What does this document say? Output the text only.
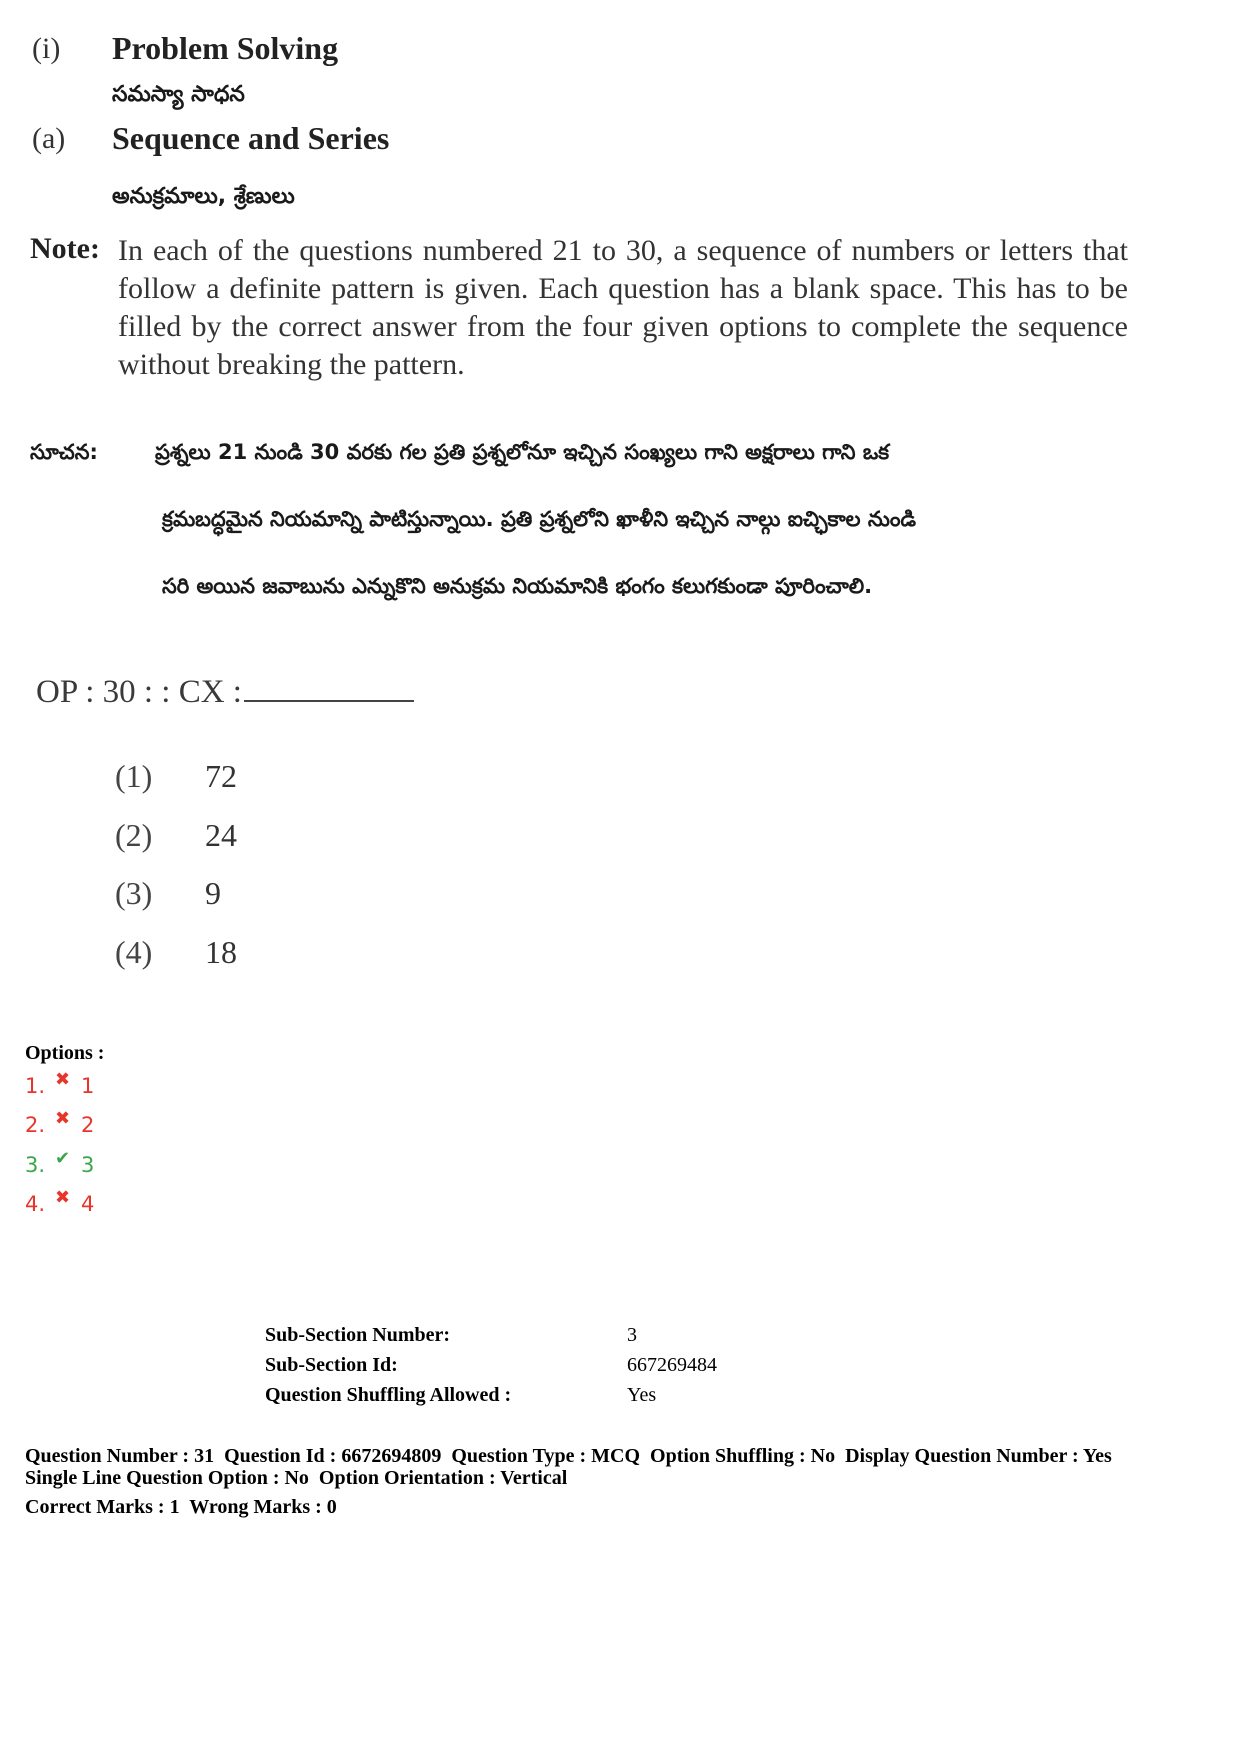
(i) Problem Solving
సమస్యా సాధన
(a) Sequence and Series
అనుక్రమాలు, శ్రేణులు
Note: In each of the questions numbered 21 to 30, a sequence of numbers or letters that follow a definite pattern is given. Each question has a blank space. This has to be filled by the correct answer from the four given options to complete the sequence without breaking the pattern.
సూచన:	ప్రశ్నలు 21 నుండి 30 వరకు గల ప్రతి ప్రశ్నలోనూ ఇచ్చిన సంఖ్యలు గాని అక్షరాలు గాని ఒక
క్రమబద్ధమైన నియమాన్ని పాటిస్తున్నాయి. ప్రతి ప్రశ్నలోని ఖాళీని ఇచ్చిన నాల్గు ఐచ్ఛికాల నుండి
సరి అయిన జవాబును ఎన్నుకొని అనుక్రమ నియమానికి భంగం కలుగకుండా పూరించాలి.
OP : 30 : : CX :
(1) 72
(2) 24
(3) 9
(4) 18
Options :
1. ✖ 1
2. ✖ 2
3. ✔ 3
4. ✖ 4
Sub-Section Number:	3
Sub-Section Id:	667269484
Question Shuffling Allowed :	Yes
Question Number : 31  Question Id : 6672694809  Question Type : MCQ  Option Shuffling : No  Display Question Number : Yes
Single Line Question Option : No  Option Orientation : Vertical
Correct Marks : 1  Wrong Marks : 0
